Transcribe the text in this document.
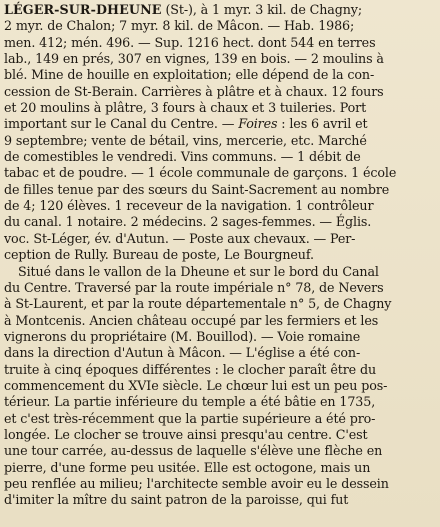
LÉGER-SUR-DHEUNE (St-), à 1 myr. 3 kil. de Chagny;
2 myr. de Chalon; 7 myr. 8 kil. de Mâcon. — Hab. 1986;
men. 412; mén. 496. — Sup. 1216 hect. dont 544 en terres
lab., 149 en prés, 307 en vignes, 139 en bois. — 2 moulins à
blé. Mine de houille en exploitation; elle dépend de la con-
cession de St-Berain. Carrières à plâtre et à chaux. 12 fours
et 20 moulins à plâtre, 3 fours à chaux et 3 tuileries. Port
important sur le Canal du Centre. — Foires : les 6 avril et
9 septembre; vente de bétail, vins, mercerie, etc. Marché
de comestibles le vendredi. Vins communs. — 1 débit de
tabac et de poudre. — 1 école communale de garçons. 1 école
de filles tenue par des sœurs du Saint-Sacrement au nombre
de 4; 120 élèves. 1 receveur de la navigation. 1 contrôleur
du canal. 1 notaire. 2 médecins. 2 sages-femmes. — Églis.
voc. St-Léger, év. d'Autun. — Poste aux chevaux. — Per-
ception de Rully. Bureau de poste, Le Bourgneuf.
Situé dans le vallon de la Dheune et sur le bord du Canal
du Centre. Traversé par la route impériale n° 78, de Nevers
à St-Laurent, et par la route départementale n° 5, de Chagny
à Montcenis. Ancien château occupé par les fermiers et les
vignerons du propriétaire (M. Bouillod). — Voie romaine
dans la direction d'Autun à Mâcon. — L'église a été con-
truite à cinq époques différentes : le clocher paraît être du
commencement du XVIe siècle. Le chœur lui est un peu pos-
térieur. La partie inférieure du temple a été bâtie en 1735,
et c'est très-récemment que la partie supérieure a été pro-
longée. Le clocher se trouve ainsi presqu'au centre. C'est
une tour carrée, au-dessus de laquelle s'élève une flèche en
pierre, d'une forme peu usitée. Elle est octogone, mais un
peu renflée au milieu; l'architecte semble avoir eu le dessein
d'imiter la mître du saint patron de la paroisse, qui fut
